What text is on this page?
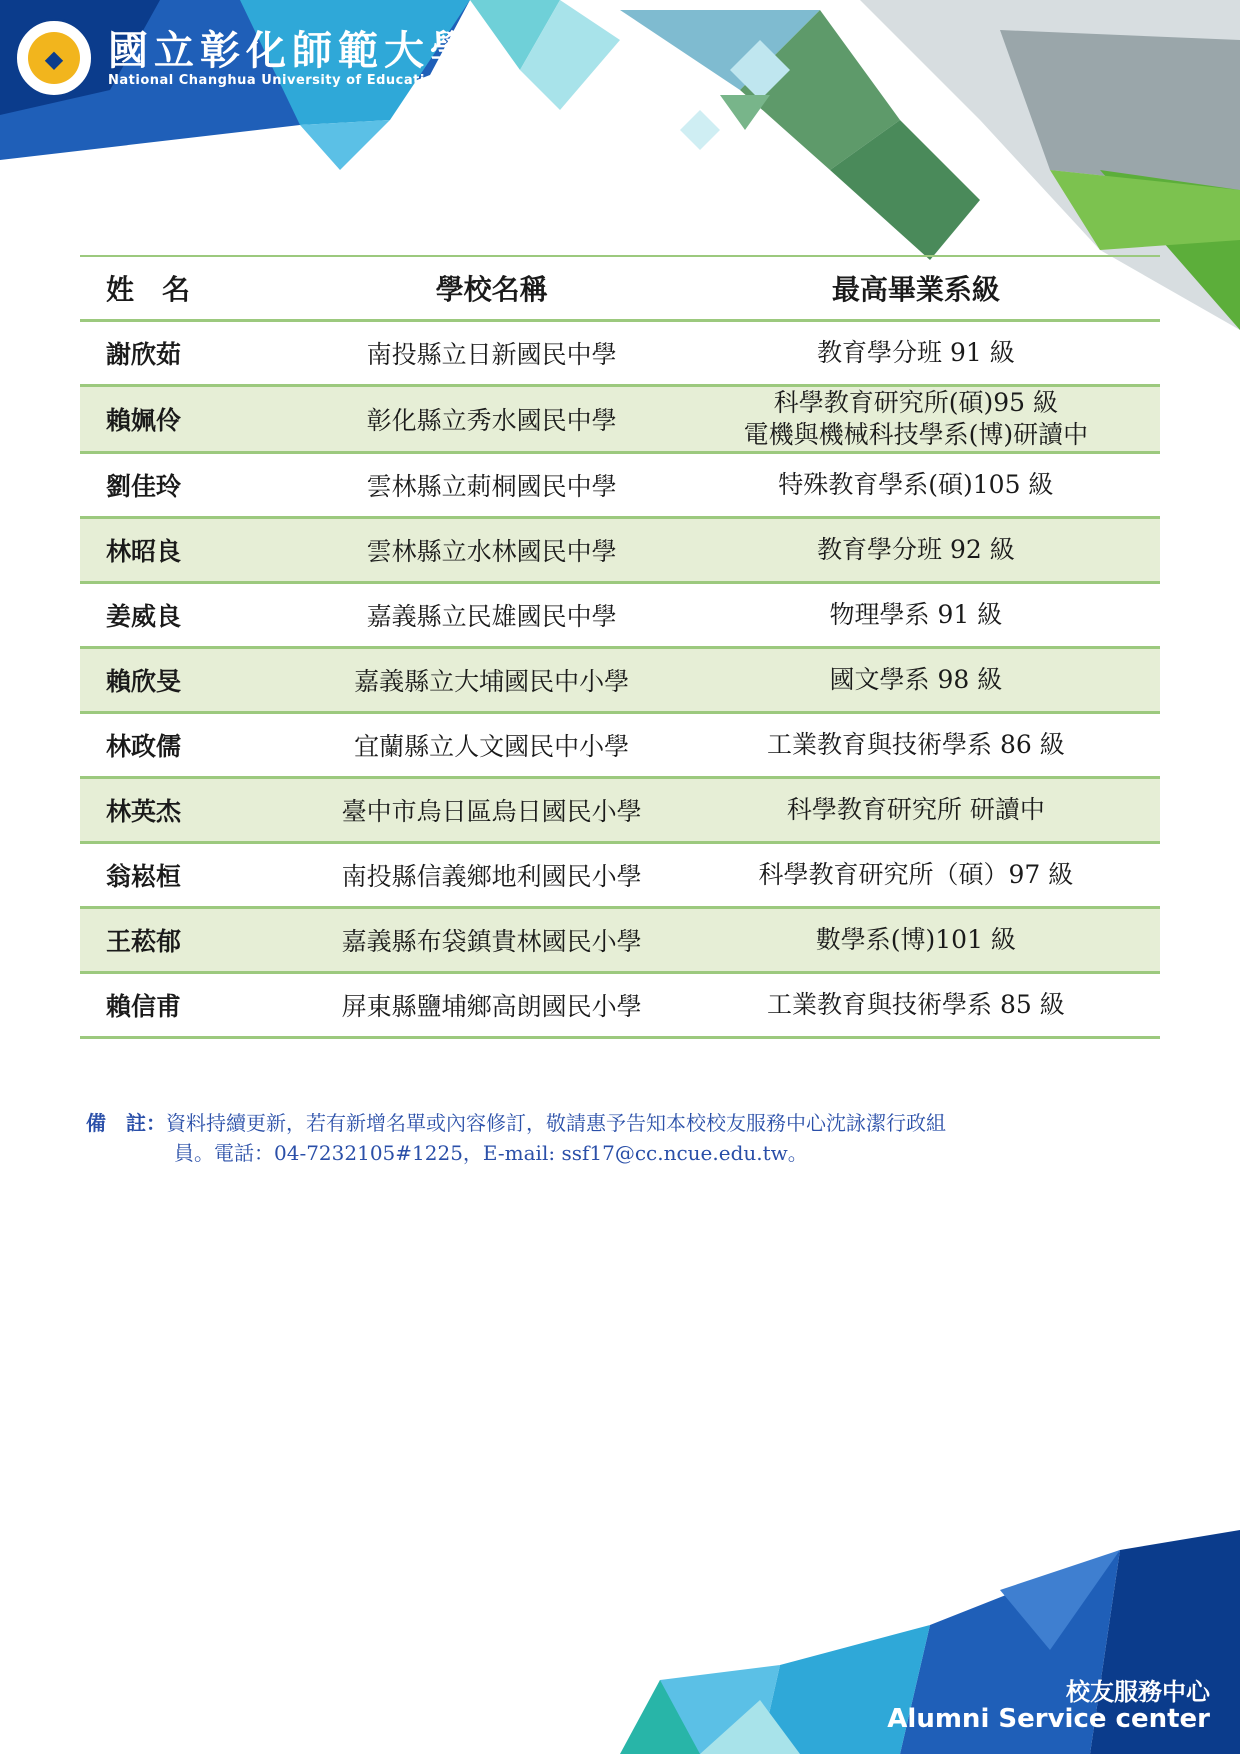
◆	國立彰化師範大學
National Changhua University of Education
姓　名	學校名稱	最高畢業系級
謝欣茹	南投縣立日新國民中學	教育學分班 91 級

賴姵伶	彰化縣立秀水國民中學	科學教育研究所(碩)95 級
電機與機械科技學系(博)研讀中

劉佳玲	雲林縣立莿桐國民中學	特殊教育學系(碩)105 級

林昭良	雲林縣立水林國民中學	教育學分班 92 級

姜威良	嘉義縣立民雄國民中學	物理學系 91 級

賴欣旻	嘉義縣立大埔國民中小學	國文學系 98 級

林政儒	宜蘭縣立人文國民中小學	工業教育與技術學系 86 級

林英杰	臺中市烏日區烏日國民小學	科學教育研究所 研讀中

翁崧桓	南投縣信義鄉地利國民小學	科學教育研究所（碩）97 級

王菘郁	嘉義縣布袋鎮貴林國民小學	數學系(博)101 級

賴信甫	屏東縣鹽埔鄉高朗國民小學	工業教育與技術學系 85 級
備　註：資料持續更新，若有新增名單或內容修訂，敬請惠予告知本校校友服務中心沈詠潔行政組
員。電話：04-7232105#1225，E-mail: ssf17@cc.ncue.edu.tw。
校友服務中心
Alumni Service center
